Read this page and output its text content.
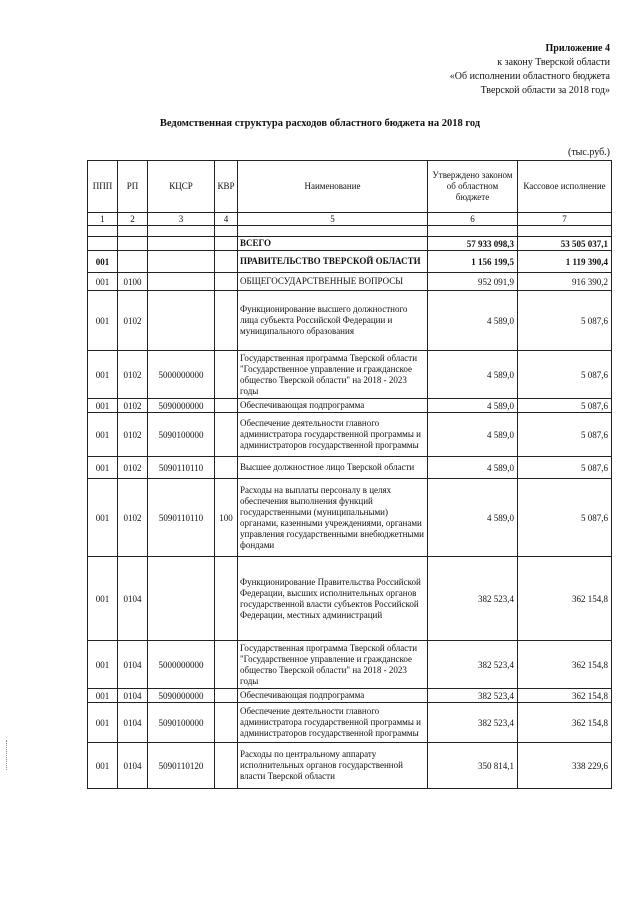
Приложение 4
к закону Тверской области
«Об исполнении областного бюджета
Тверской области за 2018 год»
Ведомственная структура расходов областного бюджета на 2018 год
(тыс.руб.)
ППП	РП	КЦСР	КВР	Наименование	Утверждено законом об областном бюджете	Кассовое исполнение
1	2	3	4	5	6	7

				ВСЕГО	57 933 098,3	53 505 037,1
001				ПРАВИТЕЛЬСТВО ТВЕРСКОЙ ОБЛАСТИ	1 156 199,5	1 119 390,4
001	0100			ОБЩЕГОСУДАРСТВЕННЫЕ ВОПРОСЫ	952 091,9	916 390,2
001	0102			Функционирование высшего должностного лица субъекта Российской Федерации и муниципального образования	4 589,0	5 087,6
001	0102	5000000000		Государственная программа Тверской области "Государственное управление и гражданское общество Тверской области" на 2018 - 2023 годы	4 589,0	5 087,6
001	0102	5090000000		Обеспечивающая подпрограмма	4 589,0	5 087,6
001	0102	5090100000		Обеспечение деятельности главного администратора государственной программы и администраторов государственной программы	4 589,0	5 087,6
001	0102	5090110110		Высшее должностное лицо Тверской области	4 589,0	5 087,6
001	0102	5090110110	100	Расходы на выплаты персоналу в целях обеспечения выполнения функций государственными (муниципальными) органами, казенными учреждениями, органами управления государственными внебюджетными фондами	4 589,0	5 087,6
001	0104			Функционирование Правительства Российской Федерации, высших исполнительных органов государственной власти субъектов Российской Федерации, местных администраций	382 523,4	362 154,8
001	0104	5000000000		Государственная программа Тверской области "Государственное управление и гражданское общество Тверской области" на 2018 - 2023 годы	382 523,4	362 154,8
001	0104	5090000000		Обеспечивающая подпрограмма	382 523,4	362 154,8
001	0104	5090100000		Обеспечение деятельности главного администратора государственной программы и администраторов государственной программы	382 523,4	362 154,8
001	0104	5090110120		Расходы по центральному аппарату исполнительных органов государственной власти Тверской области	350 814,1	338 229,6
